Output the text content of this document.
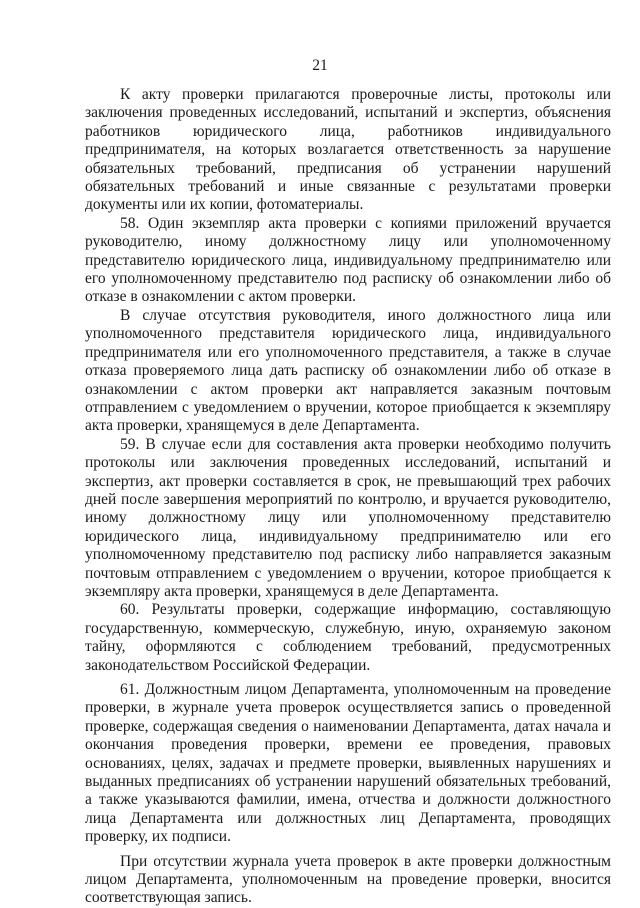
21

К акту проверки прилагаются проверочные листы, протоколы или заключения проведенных исследований, испытаний и экспертиз, объяснения работников юридического лица, работников индивидуального предпринимателя, на которых возлагается ответственность за нарушение обязательных требований, предписания об устранении нарушений обязательных требований и иные связанные с результатами проверки документы или их копии, фотоматериалы.

58. Один экземпляр акта проверки с копиями приложений вручается руководителю, иному должностному лицу или уполномоченному представителю юридического лица, индивидуальному предпринимателю или его уполномоченному представителю под расписку об ознакомлении либо об отказе в ознакомлении с актом проверки.

В случае отсутствия руководителя, иного должностного лица или уполномоченного представителя юридического лица, индивидуального предпринимателя или его уполномоченного представителя, а также в случае отказа проверяемого лица дать расписку об ознакомлении либо об отказе в ознакомлении с актом проверки акт направляется заказным почтовым отправлением с уведомлением о вручении, которое приобщается к экземпляру акта проверки, хранящемуся в деле Департамента.

59. В случае если для составления акта проверки необходимо получить протоколы или заключения проведенных исследований, испытаний и экспертиз, акт проверки составляется в срок, не превышающий трех рабочих дней после завершения мероприятий по контролю, и вручается руководителю, иному должностному лицу или уполномоченному представителю юридического лица, индивидуальному предпринимателю или его уполномоченному представителю под расписку либо направляется заказным почтовым отправлением с уведомлением о вручении, которое приобщается к экземпляру акта проверки, хранящемуся в деле Департамента.

60. Результаты проверки, содержащие информацию, составляющую государственную, коммерческую, служебную, иную, охраняемую законом тайну, оформляются с соблюдением требований, предусмотренных законодательством Российской Федерации.

61. Должностным лицом Департамента, уполномоченным на проведение проверки, в журнале учета проверок осуществляется запись о проведенной проверке, содержащая сведения о наименовании Департамента, датах начала и окончания проведения проверки, времени ее проведения, правовых основаниях, целях, задачах и предмете проверки, выявленных нарушениях и выданных предписаниях об устранении нарушений обязательных требований, а также указываются фамилии, имена, отчества и должности должностного лица Департамента или должностных лиц Департамента, проводящих проверку, их подписи.

При отсутствии журнала учета проверок в акте проверки должностным лицом Департамента, уполномоченным на проведение проверки, вносится соответствующая запись.
